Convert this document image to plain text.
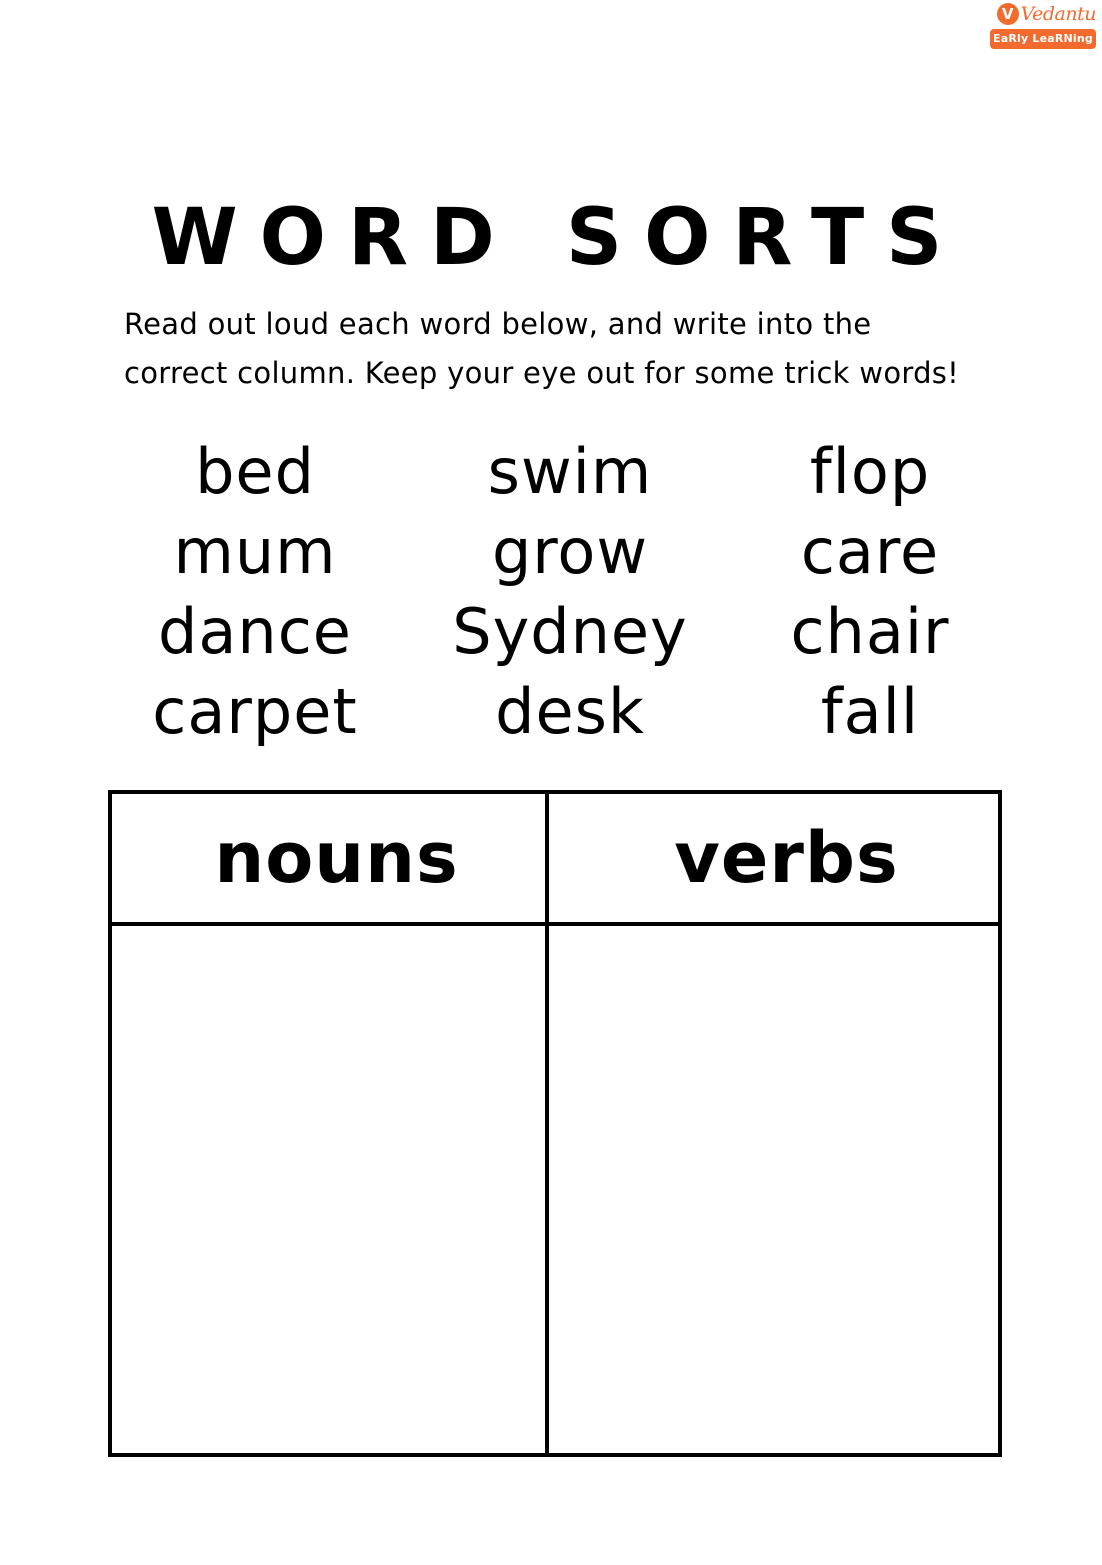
V Vedantu
EaRly LeaRNing
WORD SORTS
Read out loud each word below, and write into the
correct column. Keep your eye out for some trick words!
bed
mum
dance
carpet
swim
grow
Sydney
desk
flop
care
chair
fall
nouns	verbs
